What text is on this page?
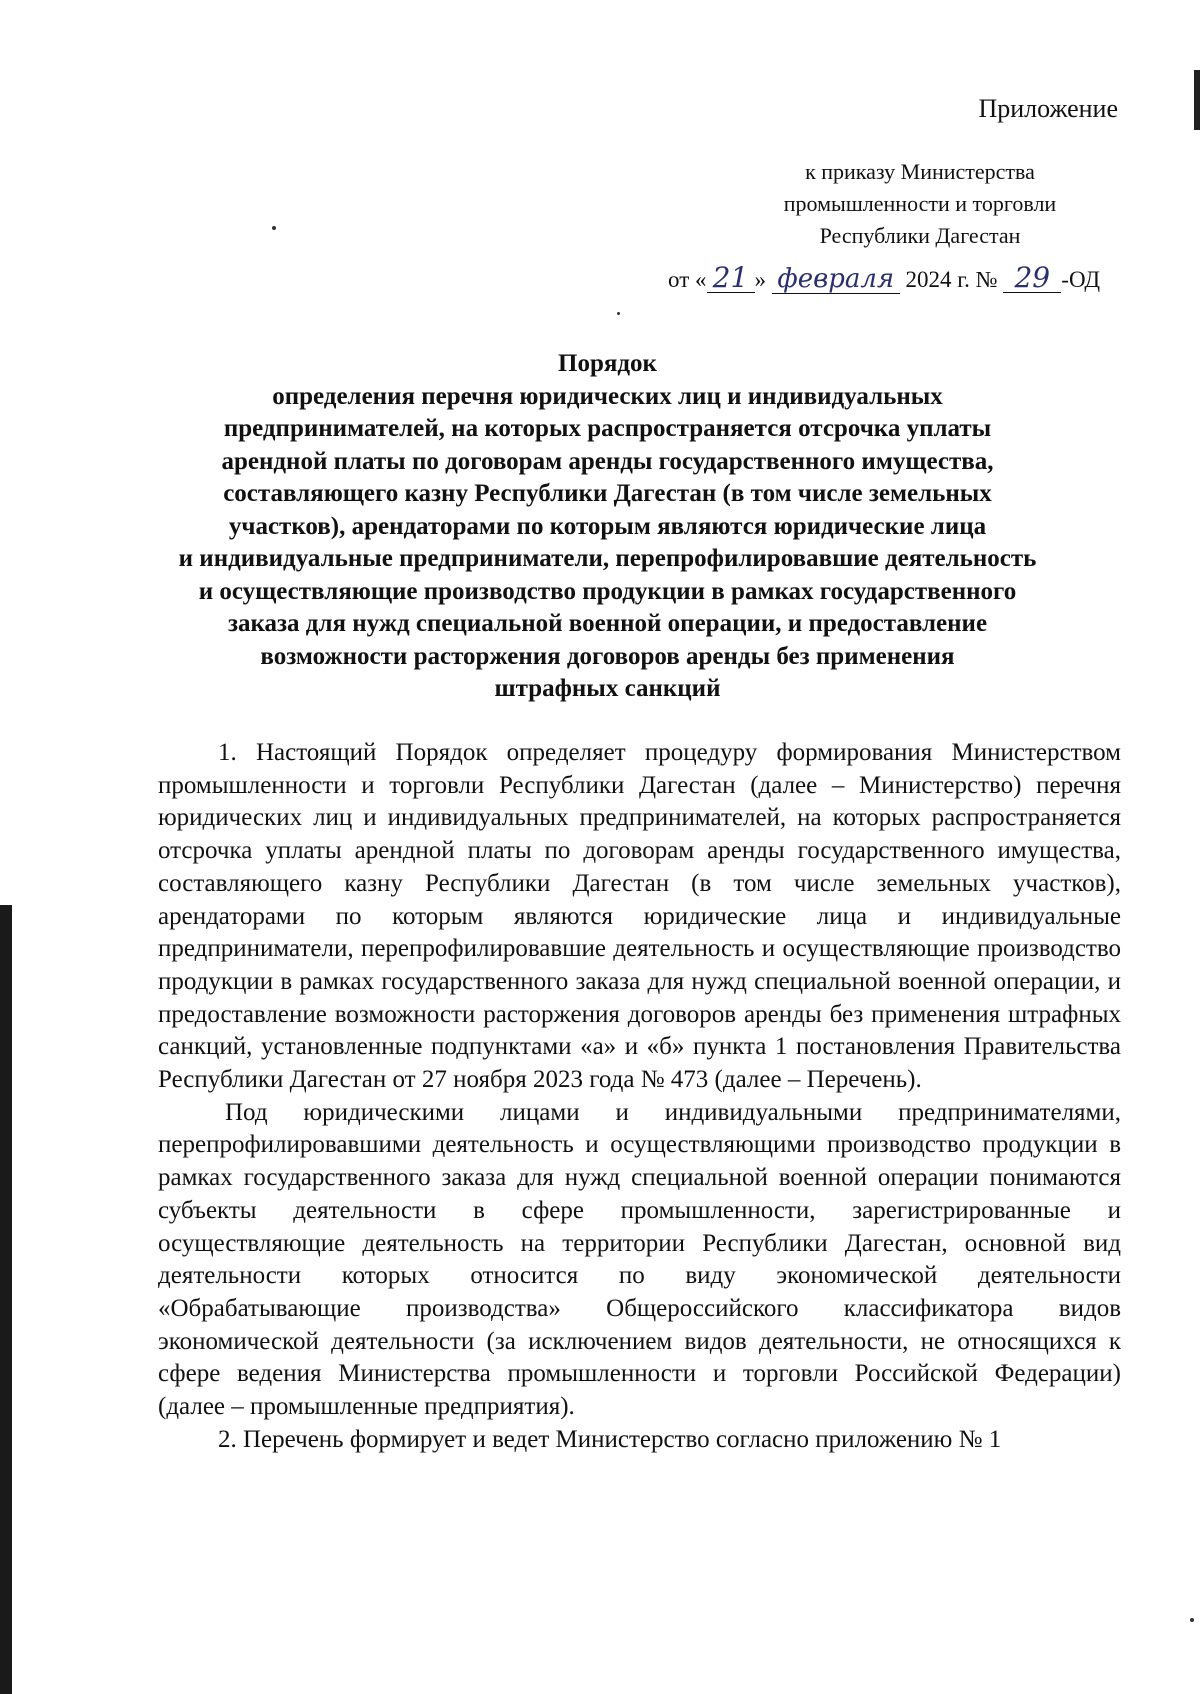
Приложение
к приказу Министерства
промышленности и торговли
Республики Дагестан
от « 21 » февраля 2024 г. № 29 -ОД
Порядок
определения перечня юридических лиц и индивидуальных
предпринимателей, на которых распространяется отсрочка уплаты
арендной платы по договорам аренды государственного имущества,
составляющего казну Республики Дагестан (в том числе земельных
участков), арендаторами по которым являются юридические лица
и индивидуальные предприниматели, перепрофилировавшие деятельность
и осуществляющие производство продукции в рамках государственного
заказа для нужд специальной военной операции, и предоставление
возможности расторжения договоров аренды без применения
штрафных санкций

1. Настоящий Порядок определяет процедуру формирования Министерством промышленности и торговли Республики Дагестан (далее – Министерство) перечня юридических лиц и индивидуальных предпринимателей, на которых распространяется отсрочка уплаты арендной платы по договорам аренды государственного имущества, составляющего казну Республики Дагестан (в том числе земельных участков), арендаторами по которым являются юридические лица и индивидуальные предприниматели, перепрофилировавшие деятельность и осуществляющие производство продукции в рамках государственного заказа для нужд специальной военной операции, и предоставление возможности расторжения договоров аренды без применения штрафных санкций, установленные подпунктами «а» и «б» пункта 1 постановления Правительства Республики Дагестан от 27 ноября 2023 года № 473 (далее – Перечень).

Под юридическими лицами и индивидуальными предпринимателями, перепрофилировавшими деятельность и осуществляющими производство продукции в рамках государственного заказа для нужд специальной военной операции понимаются субъекты деятельности в сфере промышленности, зарегистрированные и осуществляющие деятельность на территории Республики Дагестан, основной вид деятельности которых относится по виду экономической деятельности «Обрабатывающие производства» Общероссийского классификатора видов экономической деятельности (за исключением видов деятельности, не относящихся к сфере ведения Министерства промышленности и торговли Российской Федерации) (далее – промышленные предприятия).

2. Перечень формирует и ведет Министерство согласно приложению № 1
